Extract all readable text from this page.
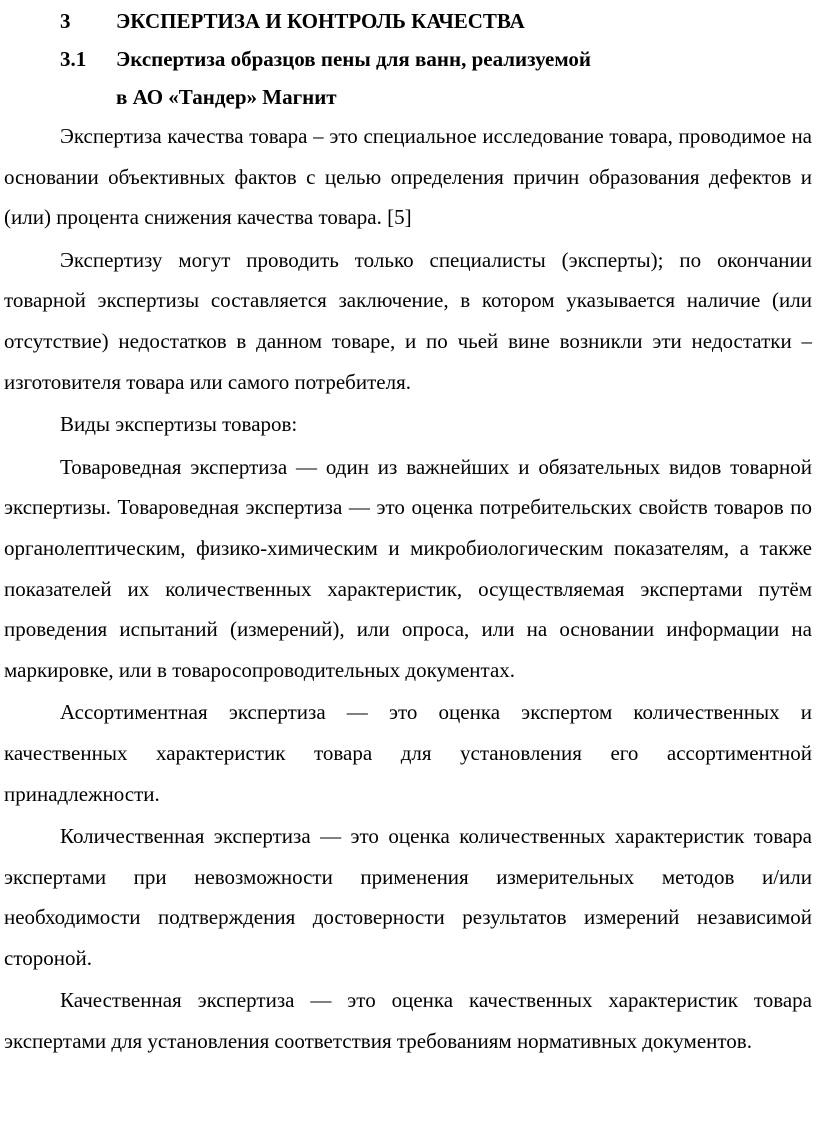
3	ЭКСПЕРТИЗА И КОНТРОЛЬ КАЧЕСТВА
3.1	Экспертиза образцов пены для ванн, реализуемой
в АО «Тандер» Магнит

Экспертиза качества товара – это специальное исследование товара, проводимое на основании объективных фактов с целью определения причин образования дефектов и (или) процента снижения качества товара. [5]

Экспертизу могут проводить только специалисты (эксперты); по окончании товарной экспертизы составляется заключение, в котором указывается наличие (или отсутствие) недостатков в данном товаре, и по чьей вине возникли эти недостатки – изготовителя товара или самого потребителя.

Виды экспертизы товаров:

Товароведная экспертиза — один из важнейших и обязательных видов товарной экспертизы. Товароведная экспертиза — это оценка потребительских свойств товаров по органолептическим, физико-химическим и микробиологическим показателям, а также показателей их количественных характеристик, осуществляемая экспертами путём проведения испытаний (измерений), или опроса, или на основании информации на маркировке, или в товаросопроводительных документах.

Ассортиментная экспертиза — это оценка экспертом количественных и качественных характеристик товара для установления его ассортиментной принадлежности.

Количественная экспертиза — это оценка количественных характеристик товара экспертами при невозможности применения измерительных методов и/или необходимости подтверждения достоверности результатов измерений независимой стороной.

Качественная экспертиза — это оценка качественных характеристик товара экспертами для установления соответствия требованиям нормативных документов.
